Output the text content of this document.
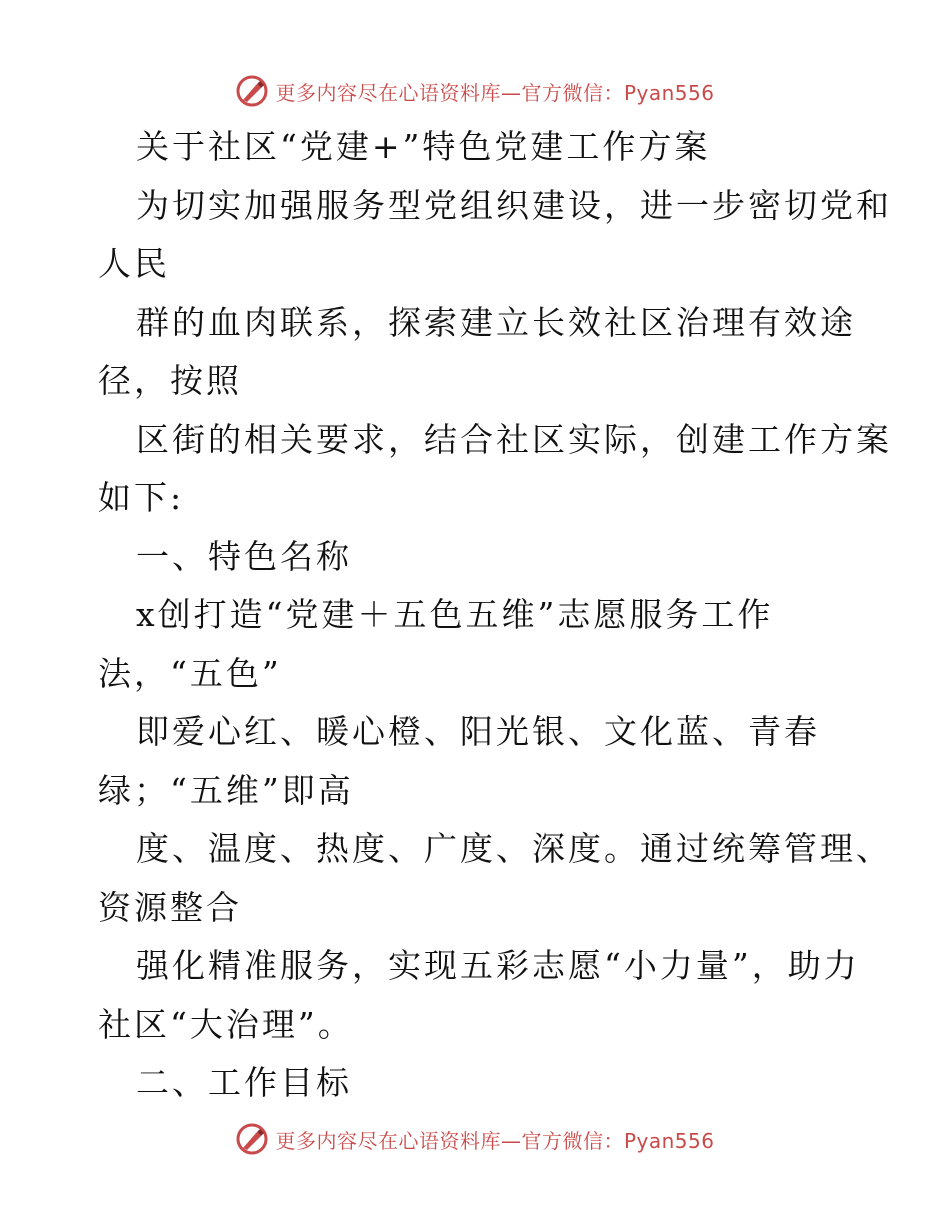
更多内容尽在心语资料库—官方微信：Pyan556
关于社区“党建+”特色党建工作方案
为切实加强服务型党组织建设，进一步密切党和
人民
群的血肉联系，探索建立长效社区治理有效途
径，按照
区街的相关要求，结合社区实际，创建工作方案
如下:
一、特色名称
x创打造“党建＋五色五维”志愿服务工作
法，“五色”
即爱心红、暖心橙、阳光银、文化蓝、青春
绿；“五维”即高
度、温度、热度、广度、深度。通过统筹管理、
资源整合
强化精准服务，实现五彩志愿“小力量”，助力
社区“大治理”。
二、工作目标
更多内容尽在心语资料库—官方微信：Pyan556
